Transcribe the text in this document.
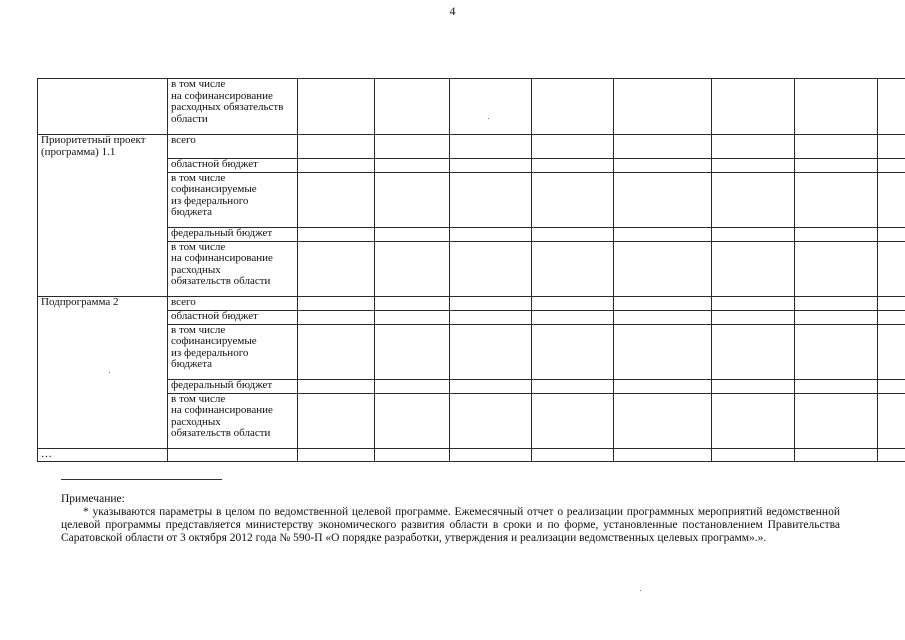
4
	в том числе
на софинансирование
расходных обязательств
области								
Приоритетный проект
(программа) 1.1	всего								
	областной бюджет								
	в том числе
софинансируемые
из федерального
бюджета								
	федеральный бюджет								
	в том числе
на софинансирование
расходных
обязательств области								
Подпрограмма 2	всего								
	областной бюджет								
	в том числе
софинансируемые
из федерального
бюджета								
	федеральный бюджет								
	в том числе
на софинансирование
расходных
обязательств области								
…									
Примечание:
* указываются параметры в целом по ведомственной целевой программе. Ежемесячный отчет о реализации программных мероприятий ведомственной целевой программы представляется министерству экономического развития области в сроки и по форме, установленные постановлением Правительства Саратовской области от 3 октября 2012 года № 590-П «О порядке разработки, утверждения и реализации ведомственных целевых программ».».
